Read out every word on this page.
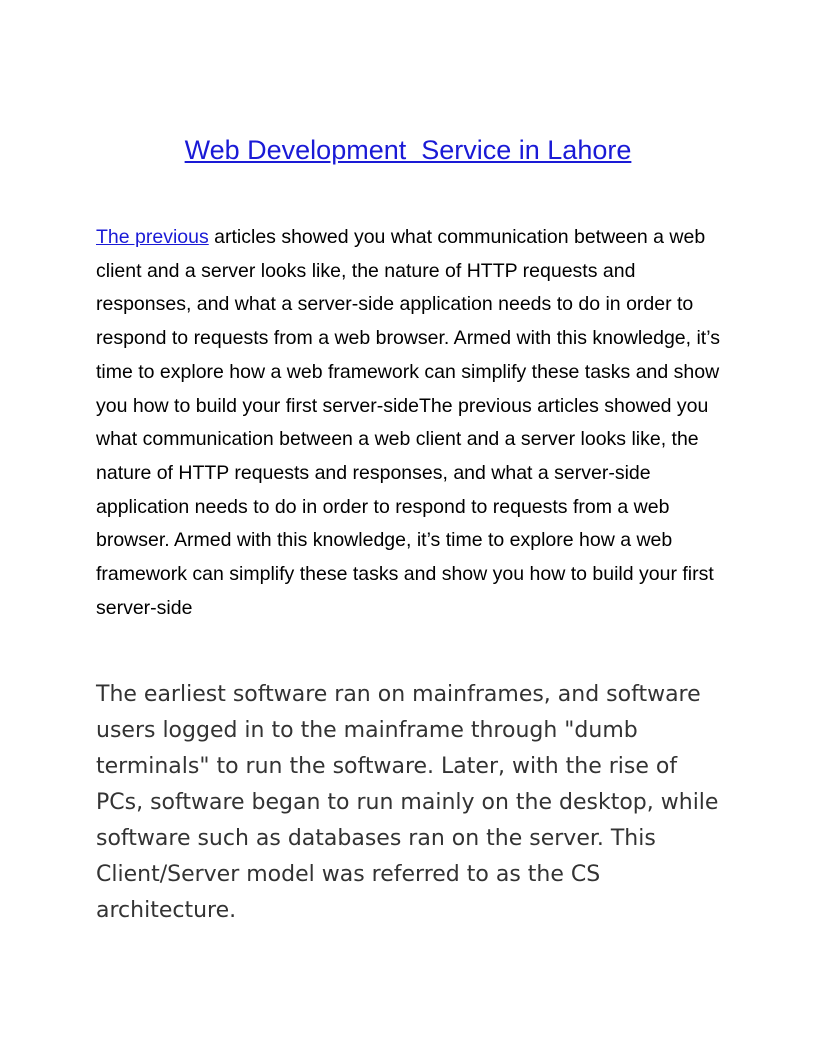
Web Development  Service in Lahore

The previous articles showed you what communication between a web client and a server looks like, the nature of HTTP requests and responses, and what a server-side application needs to do in order to respond to requests from a web browser. Armed with this knowledge, it’s time to explore how a web framework can simplify these tasks and show you how to build your first server-sideThe previous articles showed you what communication between a web client and a server looks like, the nature of HTTP requests and responses, and what a server-side application needs to do in order to respond to requests from a web browser. Armed with this knowledge, it’s time to explore how a web framework can simplify these tasks and show you how to build your first server-side

The earliest software ran on mainframes, and software users logged in to the mainframe through "dumb terminals" to run the software. Later, with the rise of PCs, software began to run mainly on the desktop, while software such as databases ran on the server. This Client/Server model was referred to as the CS architecture.
